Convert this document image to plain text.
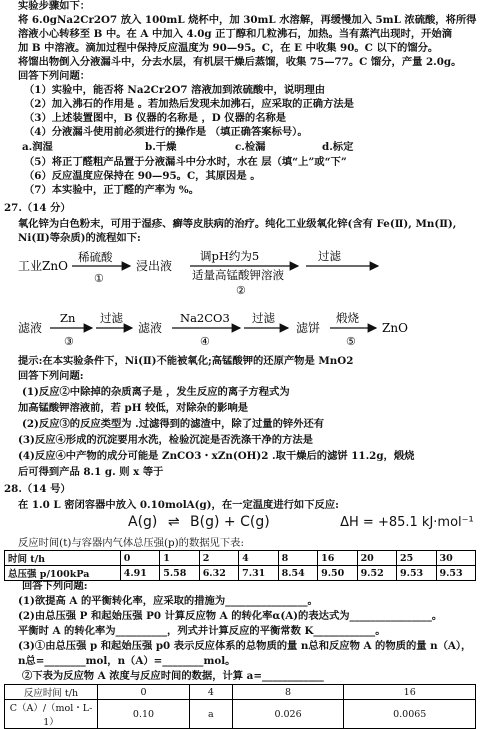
实验步骤如下：
将 6.0gNa2Cr2O7 放入 100mL 烧杯中，加 30mL 水溶解，再缓慢加入 5mL 浓硫酸，将所得
溶液小心转移至 B 中。在 A 中加入 4.0g 正丁醇和几粒沸石，加热。当有蒸汽出现时，开始滴
加 B 中溶液。滴加过程中保持反应温度为 90—95。C，在 E 中收集 90。C 以下的馏分。
将馏出物倒入分液漏斗中，分去水层，有机层干燥后蒸馏，收集 75—77。C 馏分，产量 2.0g。
回答下列问题：
（1）实验中，能否将 Na2Cr2O7 溶液加到浓硫酸中，说明理由
（2）加入沸石的作用是 。若加热后发现未加沸石，应采取的正确方法是
（3）上述装置图中，B 仪器的名称是 ，D 仪器的名称是
（4）分液漏斗使用前必须进行的操作是 （填正确答案标号）。
a.润湿	b.干燥	c.检漏	d.标定
（5）将正丁醛粗产品置于分液漏斗中分水时，水在 层（填“上”或“下”
（6）反应温度应保持在 90—95。C，其原因是 。
（7）本实验中，正丁醛的产率为 %。
27.（14 分）
氧化锌为白色粉末，可用于湿疹、癣等皮肤病的治疗。纯化工业级氧化锌(含有 Fe(Ⅱ), Mn(Ⅱ),
Ni(Ⅱ)等杂质)的流程如下:
提示:在本实验条件下，Ni(Ⅱ)不能被氧化;高锰酸钾的还原产物是 MnO2
回答下列问题:
(1)反应②中除掉的杂质离子是 ，发生反应的离子方程式为
加高锰酸钾溶液前，若 pH 较低，对除杂的影响是
(2)反应③的反应类型为 .过滤得到的滤渣中，除了过量的锌外还有
(3)反应④形成的沉淀要用水洗，检验沉淀是否洗涤干净的方法是
(4)反应④中产物的成分可能是 ZnCO3・xZn(OH)2 .取干燥后的滤饼 11.2g，煅烧
后可得到产品 8.1 g. 则 x 等于
28.（14 号）
在 1.0 L 密闭容器中放入 0.10molA(g)，在一定温度进行如下反应:
反应时间(t)与容器内气体总压强(p)的数据见下表:
回答下列问题:
(1)欲提高 A 的平衡转化率，应采取的措施为________________。
(2)由总压强 P 和起始压强 P0 计算反应物 A 的转化率α(A)的表达式为________________。
平衡时 A 的转化率为__________，列式并计算反应的平衡常数 K____________。
(3)①由总压强 p 和起始压强 p0 表示反应体系的总物质的量 n总和反应物 A 的物质的量 n（A），
n总=________mol，n（A）=________mol。
②下表为反应物 A 浓度与反应时间的数据，计算 a=____________
工业ZnO
稀硫酸
①
浸出液
调pH约为5
适量高锰酸钾溶液
②
过滤
滤液
Zn
③
过滤
滤液
Na2CO3
④
过滤
滤饼
煅烧
⑤
ZnO
A(g) ⇌ B(g) + C(g)	ΔH = +85.1 kJ·mol⁻¹
时间 t/h	0	1	2	4	8	16	20	25	30
总压强 p/100kPa	4.91	5.58	6.32	7.31	8.54	9.50	9.52	9.53	9.53
反应时间 t/h	0	4	8	16
C（A）/（mol・L-1）	0.10	a	0.026	0.0065
